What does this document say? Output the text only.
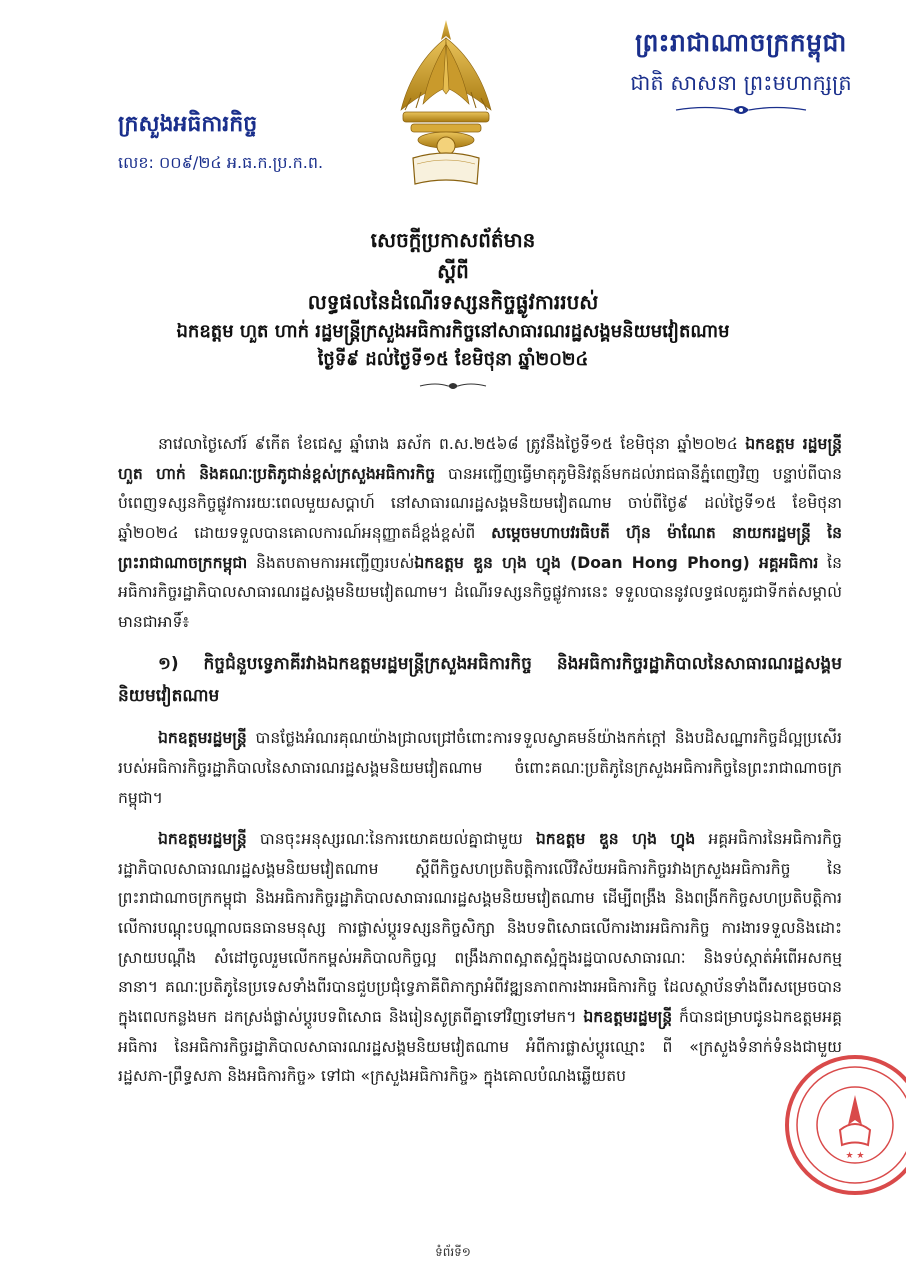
ព្រះរាជាណាចក្រកម្ពុជា
ជាតិ សាសនា ព្រះមហាក្សត្រ
ក្រសួងអធិការកិច្ច
លេខ: ០០៩/២៤ អ.ធ.ក.ប្រ.ក.ព.
សេចក្តីប្រកាសព័ត៌មាន
ស្តីពី
លទ្ធផលនៃដំណើរទស្សនកិច្ចផ្លូវការរបស់
ឯកឧត្តម ហួត ហាក់ រដ្ឋមន្ត្រីក្រសួងអធិការកិច្ចនៅសាធារណរដ្ឋសង្គមនិយមវៀតណាម
ថ្ងៃទី៩ ដល់ថ្ងៃទី១៥ ខែមិថុនា ឆ្នាំ២០២៤

នាវេលាថ្ងៃសៅរ៍ ៩កើត ខែជេស្ឋ ឆ្នាំរោង ឆស័ក ព.ស.២៥៦៨ ត្រូវនឹងថ្ងៃទី១៥ ខែមិថុនា ឆ្នាំ២០២៤ ឯកឧត្តម រដ្ឋមន្ត្រី ហួត ហាក់ និងគណៈប្រតិភូជាន់ខ្ពស់ក្រសួងអធិការកិច្ច បានអញ្ជើញធ្វើមាតុភូមិនិវត្តន៍មកដល់រាជធានីភ្នំពេញវិញ បន្ទាប់ពីបានបំពេញទស្សនកិច្ចផ្លូវការរយៈពេលមួយសប្តាហ៍ នៅសាធារណរដ្ឋសង្គមនិយមវៀតណាម ចាប់ពីថ្ងៃ៩ ដល់ថ្ងៃទី១៥ ខែមិថុនា ឆ្នាំ២០២៤ ដោយទទួលបានគោលការណ៍អនុញ្ញាតដ៏ខ្ពង់ខ្ពស់ពី សម្តេចមហាបវរធិបតី ហ៊ុន ម៉ាណែត នាយករដ្ឋមន្ត្រី នៃព្រះរាជាណាចក្រកម្ពុជា និងតបតាមការអញ្ជើញរបស់ឯកឧត្តម ឌួន ហុង ហ្វុង (Doan Hong Phong) អគ្គអធិការ នៃអធិការកិច្ចរដ្ឋាភិបាលសាធារណរដ្ឋសង្គមនិយមវៀតណាម។ ដំណើរទស្សនកិច្ចផ្លូវការនេះ ទទួលបាននូវលទ្ធផលគួរជាទីកត់សម្គាល់មានជាអាទិ៍៖

១) កិច្ចជំនួបទ្វេភាគីរវាងឯកឧត្តមរដ្ឋមន្ត្រីក្រសួងអធិការកិច្ច និងអធិការកិច្ចរដ្ឋាភិបាលនៃសាធារណរដ្ឋសង្គមនិយមវៀតណាម

ឯកឧត្តមរដ្ឋមន្ត្រី បានថ្លែងអំណរគុណយ៉ាងជ្រាលជ្រៅចំពោះការទទួលស្វាគមន៍យ៉ាងកក់ក្តៅ និងបដិសណ្ឋារកិច្ចដ៏ល្អប្រសើររបស់អធិការកិច្ចរដ្ឋាភិបាលនៃសាធារណរដ្ឋសង្គមនិយមវៀតណាម ចំពោះគណៈប្រតិភូនៃក្រសួងអធិការកិច្ចនៃព្រះរាជាណាចក្រកម្ពុជា។

ឯកឧត្តមរដ្ឋមន្ត្រី បានចុះអនុស្សរណៈនៃការយោគយល់គ្នាជាមួយ ឯកឧត្តម ឌួន ហុង ហ្វុង អគ្គអធិការនៃអធិការកិច្ចរដ្ឋាភិបាលសាធារណរដ្ឋសង្គមនិយមវៀតណាម ស្តីពីកិច្ចសហប្រតិបត្តិការលើវិស័យអធិការកិច្ចរវាងក្រសួងអធិការកិច្ច នៃព្រះរាជាណាចក្រកម្ពុជា និងអធិការកិច្ចរដ្ឋាភិបាលសាធារណរដ្ឋសង្គមនិយមវៀតណាម ដើម្បីពង្រឹង និងពង្រីកកិច្ចសហប្រតិបត្តិការលើការបណ្តុះបណ្តាលធនធានមនុស្ស ការផ្លាស់ប្តូរទស្សនកិច្ចសិក្សា និងបទពិសោធលើការងារអធិការកិច្ច ការងារទទួលនិងដោះស្រាយបណ្តឹង សំដៅចូលរួមលើកកម្ពស់អភិបាលកិច្ចល្អ ពង្រឹងភាពស្អាតស្អំក្នុងរដ្ឋបាលសាធារណៈ និងទប់ស្កាត់អំពើអសកម្មនានា។ គណៈប្រតិភូនៃប្រទេសទាំងពីរបានជួបប្រជុំទ្វេភាគីពិភាក្សាអំពីវឌ្ឍនភាពការងារអធិការកិច្ច ដែលស្ថាប័នទាំងពីរសម្រេចបានក្នុងពេលកន្លងមក ដកស្រង់ផ្លាស់ប្តូរបទពិសោធ និងរៀនសូត្រពីគ្នាទៅវិញទៅមក។ ឯកឧត្តមរដ្ឋមន្ត្រី ក៏បានជម្រាបជូនឯកឧត្តមអគ្គអធិការ នៃអធិការកិច្ចរដ្ឋាភិបាលសាធារណរដ្ឋសង្គមនិយមវៀតណាម អំពីការផ្លាស់ប្តូរឈ្មោះ ពី «ក្រសួងទំនាក់ទំនងជាមួយរដ្ឋសភា-ព្រឹទ្ធសភា និងអធិការកិច្ច» ទៅជា «ក្រសួងអធិការកិច្ច» ក្នុងគោលបំណងឆ្លើយតប

★ ★
ទំព័រទី១
